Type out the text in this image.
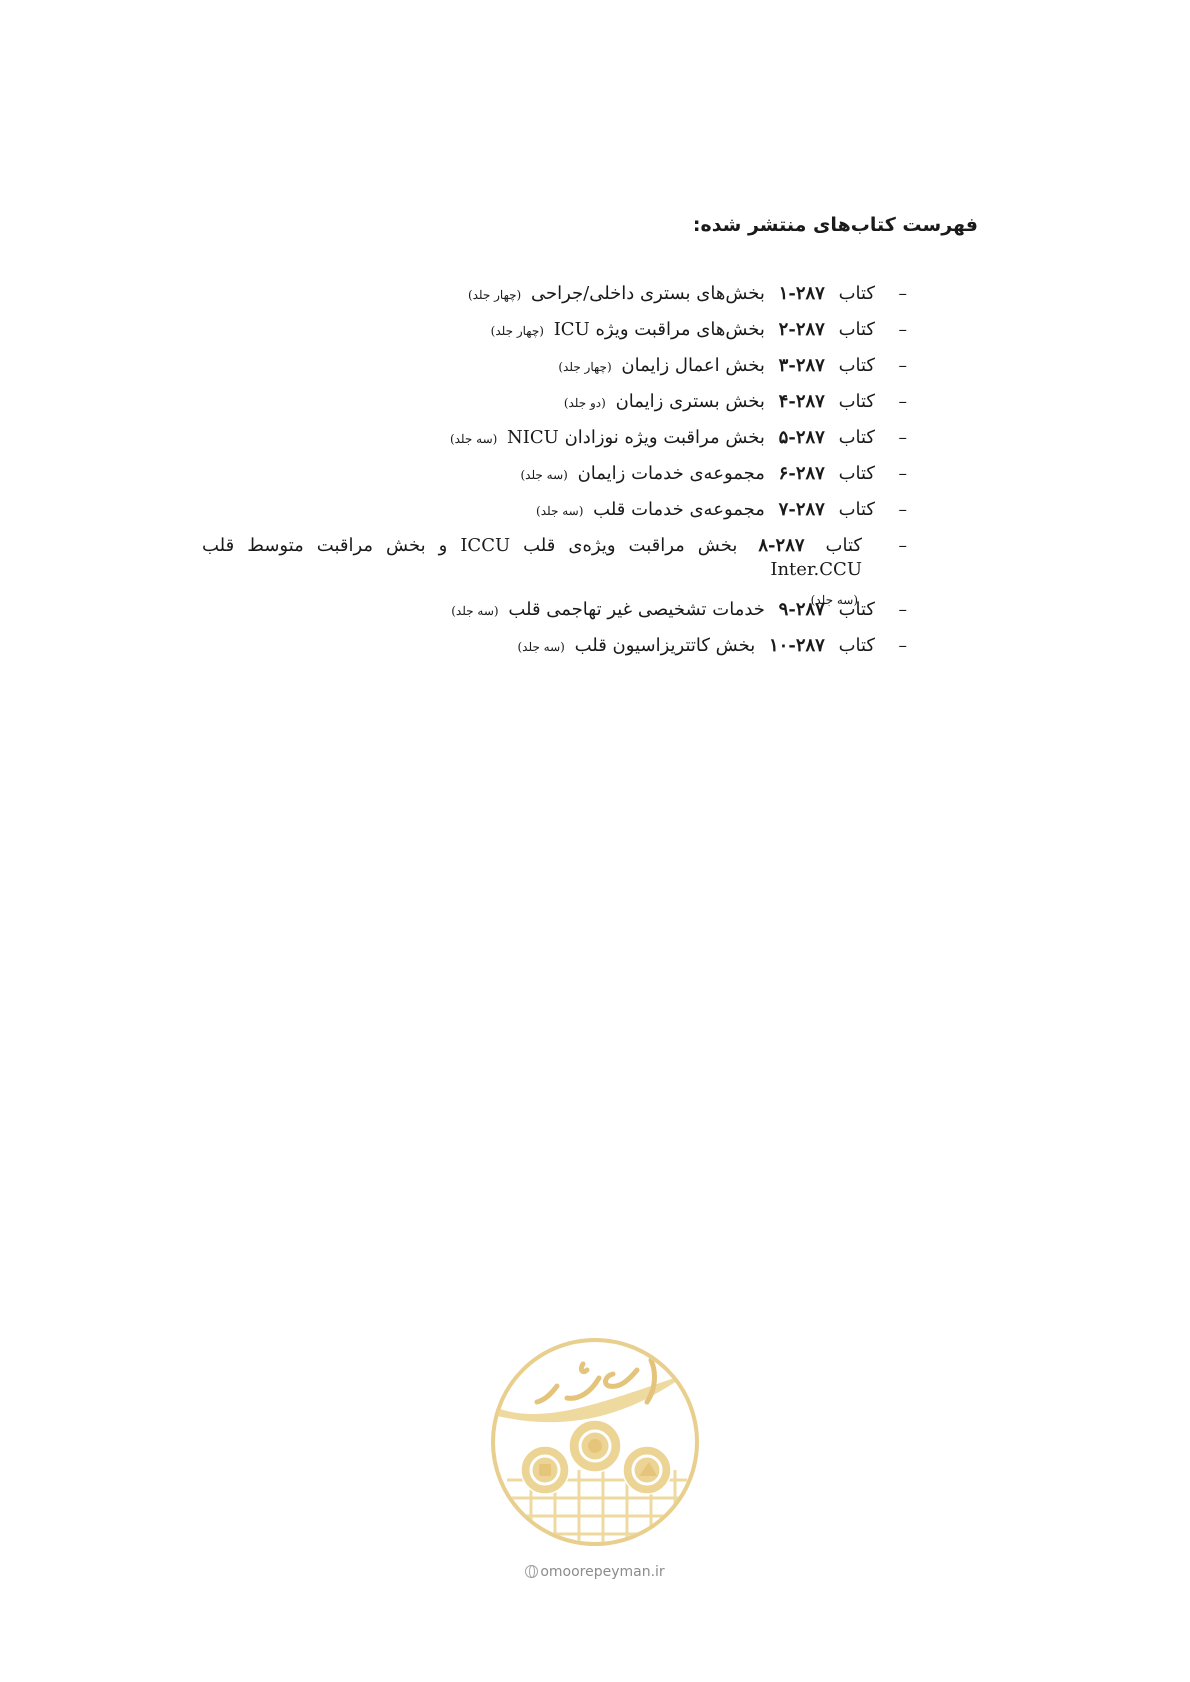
فهرست کتاب‌های منتشر شده:
–
کتاب ۲۸۷-۱ بخش‌های بستری داخلی/جراحی (چهار جلد)
–
کتاب ۲۸۷-۲ بخش‌های مراقبت ویژه ICU (چهار جلد)
–
کتاب ۲۸۷-۳ بخش اعمال زایمان (چهار جلد)
–
کتاب ۲۸۷-۴ بخش بستری زایمان (دو جلد)
–
کتاب ۲۸۷-۵ بخش مراقبت ویژه نوزادان NICU (سه جلد)
–
کتاب ۲۸۷-۶ مجموعه‌ی خدمات زایمان (سه جلد)
–
کتاب ۲۸۷-۷ مجموعه‌ی خدمات قلب (سه جلد)
–
کتاب ۲۸۷-۸ بخش مراقبت ویژه‌ی قلب ICCU و بخش مراقبت متوسط قلب Inter.CCU
(سه جلد) –
کتاب ۲۸۷-۹ خدمات تشخیصی غیر تهاجمی قلب (سه جلد)
–
کتاب ۲۸۷-۱۰ بخش کاتتریزاسیون قلب (سه جلد)
omoorepeyman.ir
